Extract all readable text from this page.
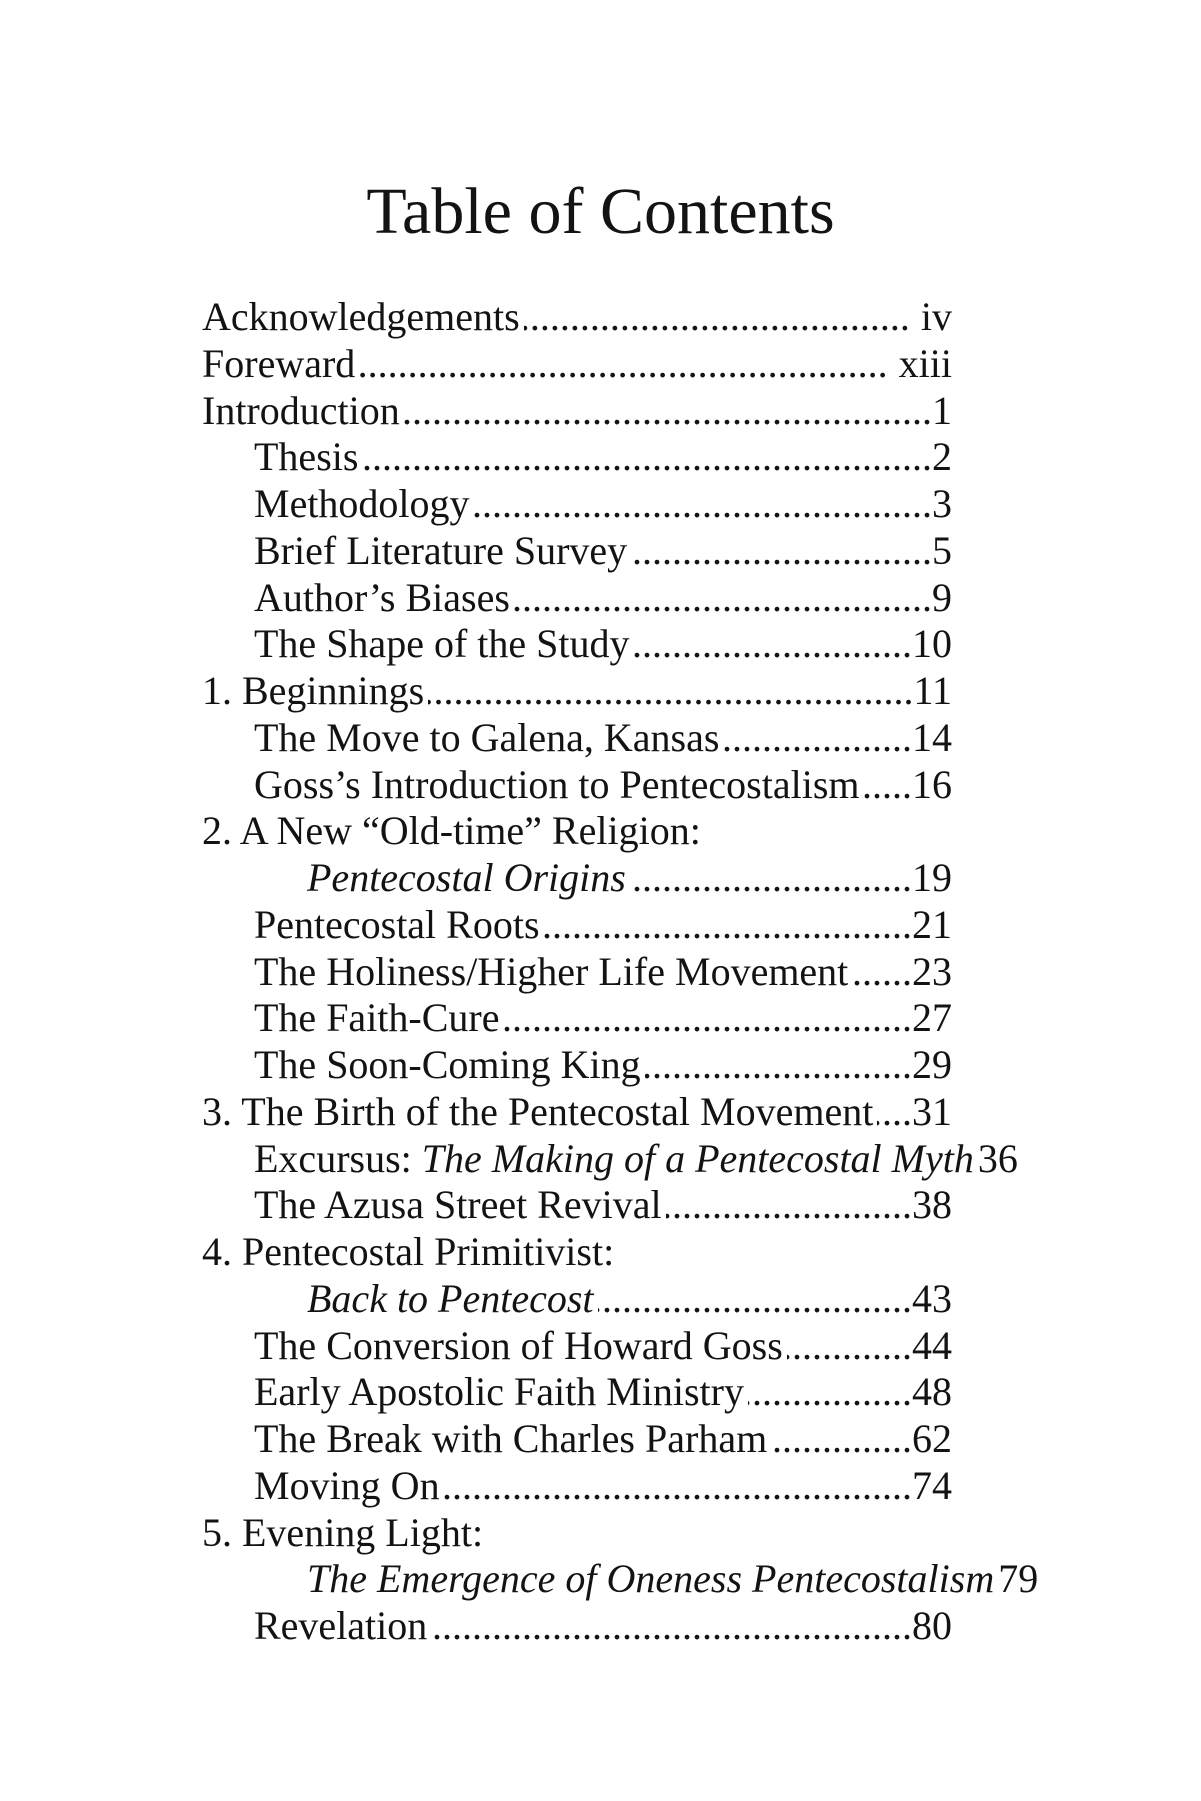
Table of Contents
Acknowledgements .....	iv
Foreward .....	xiii
Introduction .....	1
Thesis .....	2
Methodology .....	3
Brief Literature Survey .....	5
Author’s Biases .....	9
The Shape of the Study .....	10
1. Beginnings .....	11
The Move to Galena, Kansas .....	14
Goss’s Introduction to Pentecostalism ..... 16
2. A New “Old-time” Religion:
Pentecostal Origins .....	19
Pentecostal Roots .....	21
The Holiness/Higher Life Movement ..... 23
The Faith-Cure .....	27
The Soon-Coming King .....	29
3. The Birth of the Pentecostal Movement ..... 31
Excursus: The Making of a Pentecostal Myth 36
The Azusa Street Revival .....	38
4. Pentecostal Primitivist:
Back to Pentecost .....	43
The Conversion of Howard Goss .....	44
Early Apostolic Faith Ministry .....	48
The Break with Charles Parham .....	62
Moving On .....	74
5. Evening Light:
The Emergence of Oneness Pentecostalism 79
Revelation .....	80
